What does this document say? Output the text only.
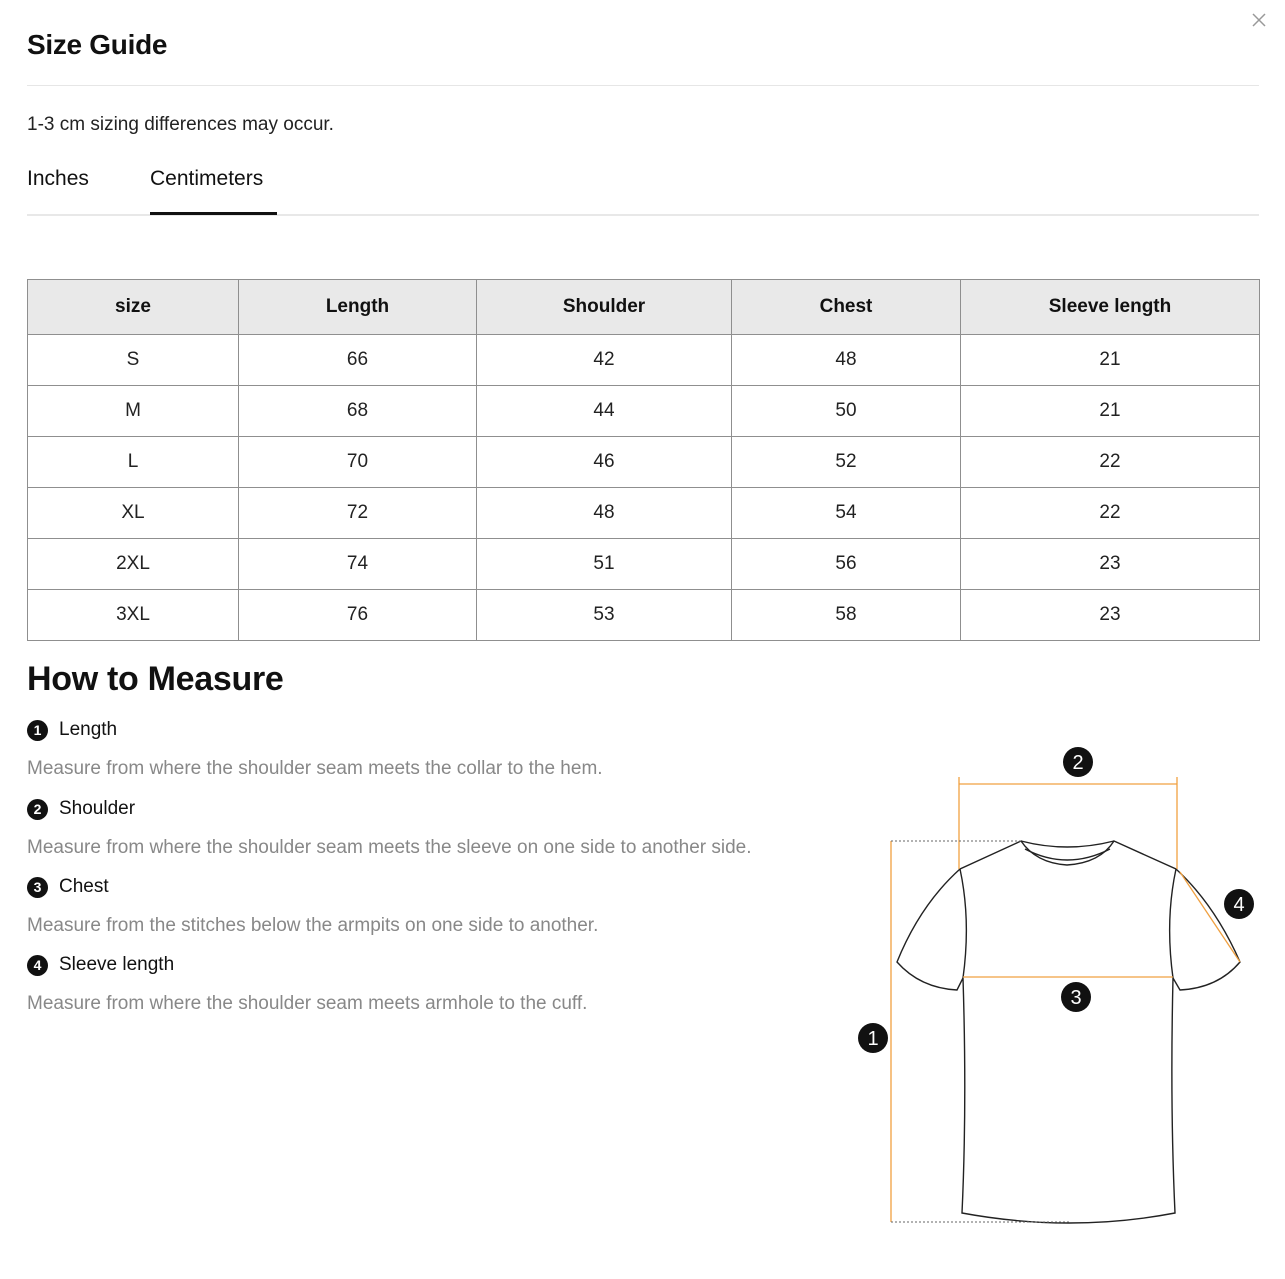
Size Guide
1-3 cm sizing differences may occur.
Inches	Centimeters
size	Length	Shoulder	Chest	Sleeve length
S	66	42	48	21
M	68	44	50	21
L	70	46	52	22
XL	72	48	54	22
2XL	74	51	56	23
3XL	76	53	58	23
How to Measure
1 Length
Measure from where the shoulder seam meets the collar to the hem.
2 Shoulder
Measure from where the shoulder seam meets the sleeve on one side to another side.
3 Chest
Measure from the stitches below the armpits on one side to another.
4 Sleeve length
Measure from where the shoulder seam meets armhole to the cuff.
1
2
3
4
